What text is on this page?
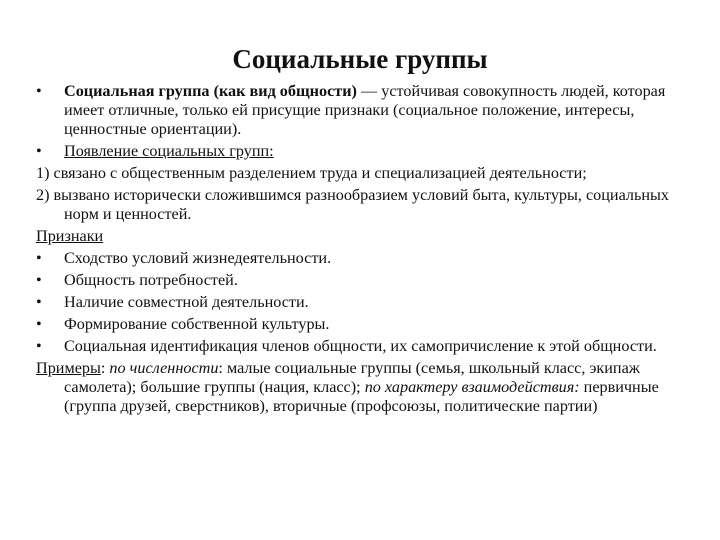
Социальные группы
• Социальная группа (как вид общности) — устойчивая совокупность людей, которая имеет отличные, только ей присущие признаки (социальное положение, интересы, ценностные ориентации).
• Появление социальных групп:
1) связано с общественным разделением труда и специализацией деятельности;
2) вызвано исторически сложившимся разнообразием условий быта, культуры, социальных норм и ценностей.
Признаки
• Сходство условий жизнедеятельности.
• Общность потребностей.
• Наличие совместной деятельности.
• Формирование собственной культуры.
• Социальная идентификация членов общности, их самопричисление к этой общности.
Примеры: по численности: малые социальные группы (семья, школьный класс, экипаж самолета); большие группы (нация, класс); по характеру взаимодействия: первичные (группа друзей, сверстников), вторичные (профсоюзы, политические партии)
